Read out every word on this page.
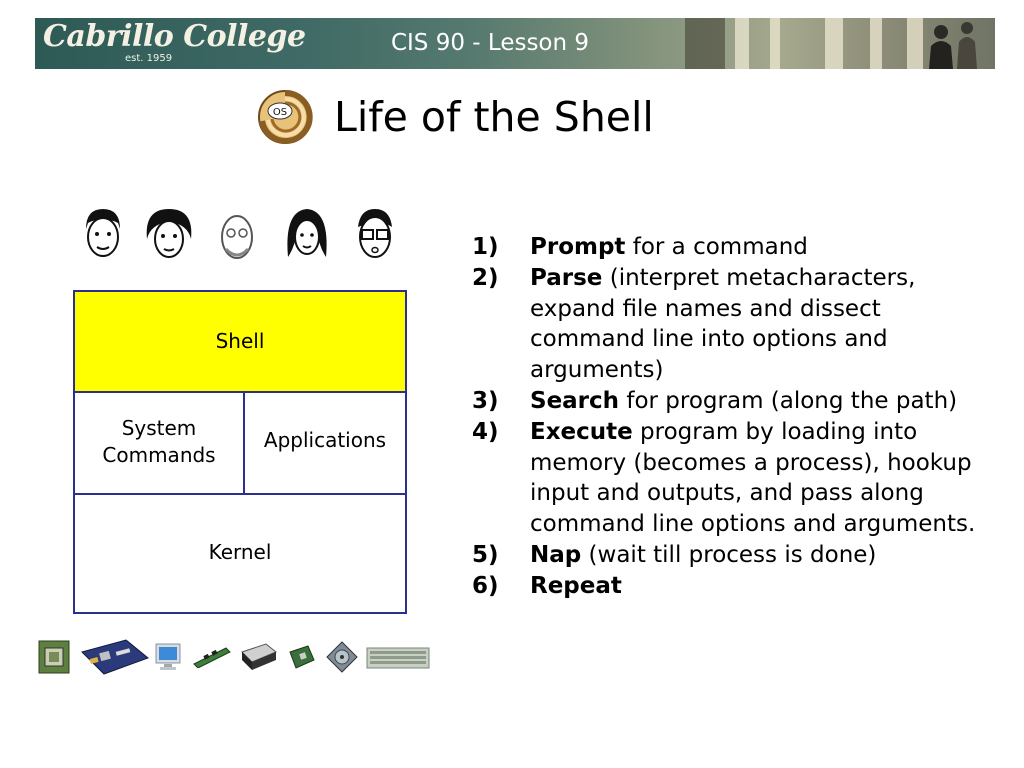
Cabrillo College
est. 1959
CIS 90 - Lesson 9
OS Life of the Shell
Shell
System
Commands
Applications
Kernel
1) Prompt for a command
2) Parse (interpret metacharacters, expand file names and dissect command line into options and arguments)
3) Search for program (along the path)
4) Execute program by loading into memory (becomes a process), hookup input and outputs, and pass along command line options and arguments.
5) Nap (wait till process is done)
6) Repeat
